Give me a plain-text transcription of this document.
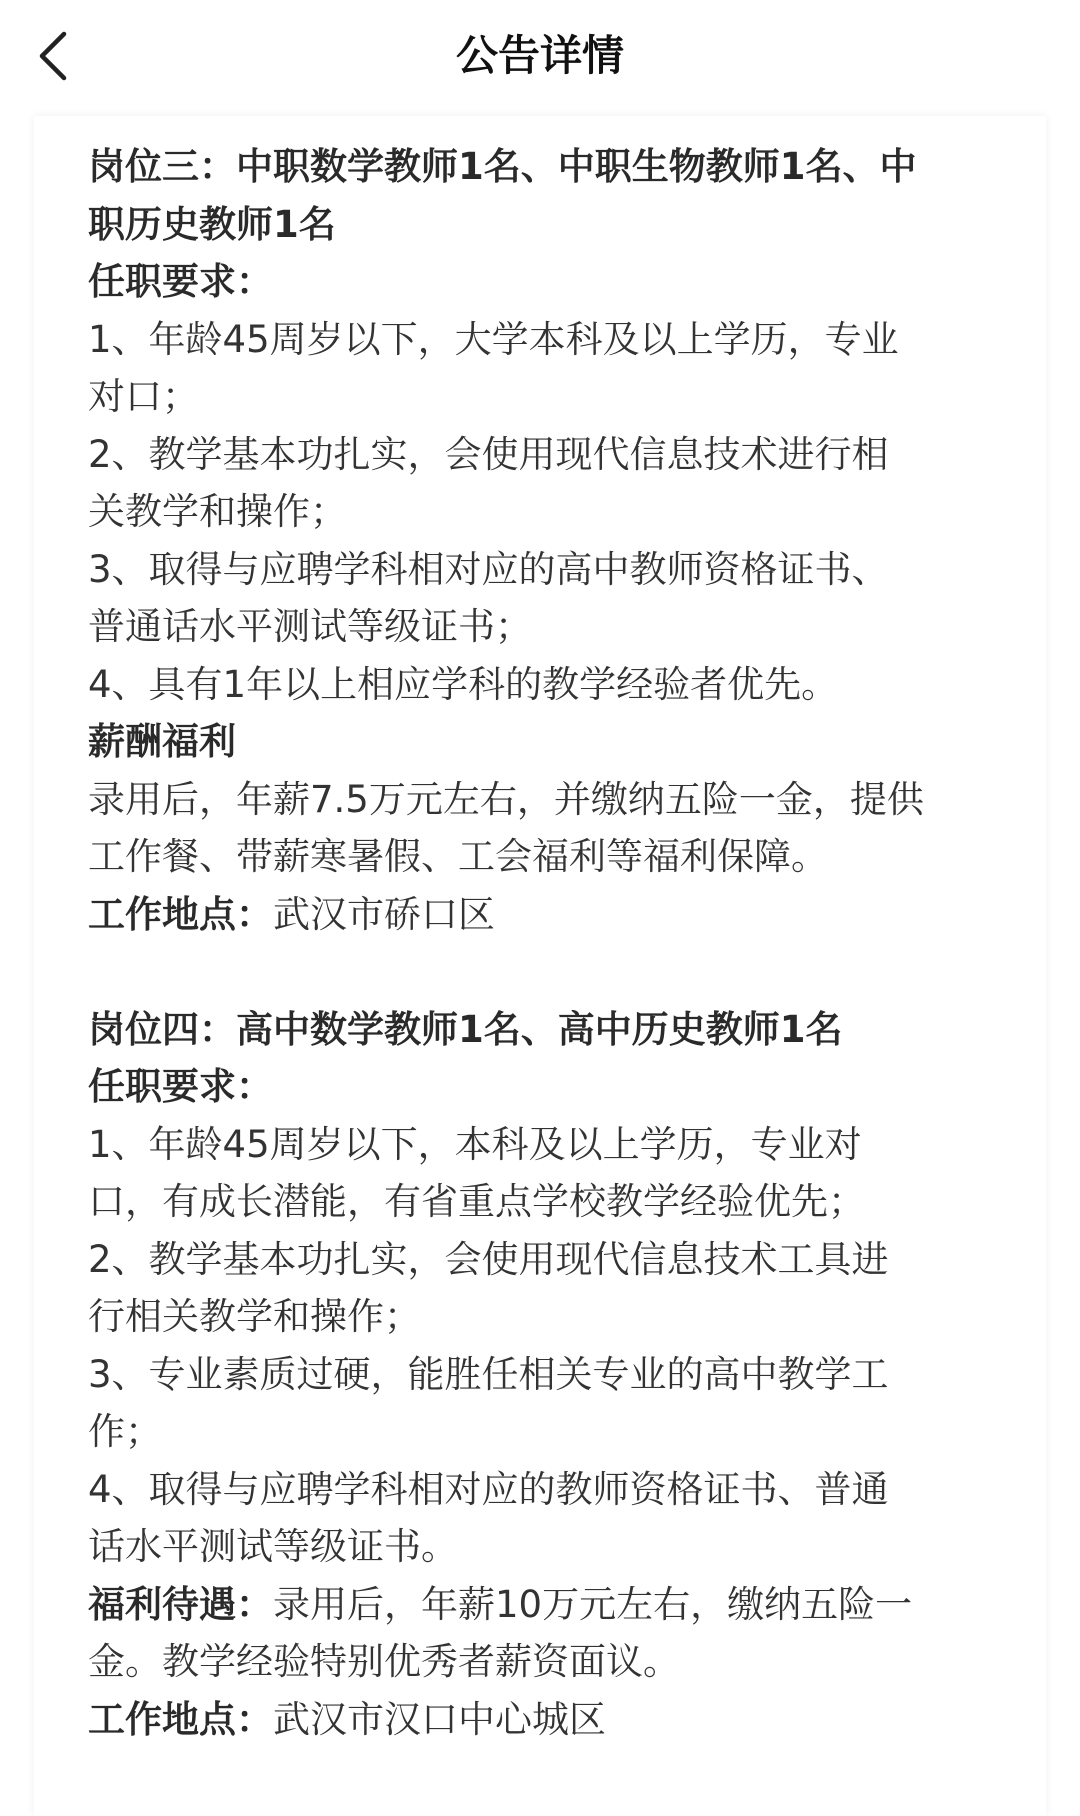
公告详情
岗位三：中职数学教师1名、中职生物教师1名、中
职历史教师1名
任职要求：
1、年龄45周岁以下，大学本科及以上学历，专业
对口；
2、教学基本功扎实，会使用现代信息技术进行相
关教学和操作；
3、取得与应聘学科相对应的高中教师资格证书、
普通话水平测试等级证书；
4、具有1年以上相应学科的教学经验者优先。
薪酬福利
录用后，年薪7.5万元左右，并缴纳五险一金，提供
工作餐、带薪寒暑假、工会福利等福利保障。
工作地点：武汉市硚口区
岗位四：高中数学教师1名、高中历史教师1名
任职要求：
1、年龄45周岁以下，本科及以上学历，专业对
口，有成长潜能，有省重点学校教学经验优先；
2、教学基本功扎实，会使用现代信息技术工具进
行相关教学和操作；
3、专业素质过硬，能胜任相关专业的高中教学工
作；
4、取得与应聘学科相对应的教师资格证书、普通
话水平测试等级证书。
福利待遇：录用后，年薪10万元左右，缴纳五险一
金。教学经验特别优秀者薪资面议。
工作地点：武汉市汉口中心城区
